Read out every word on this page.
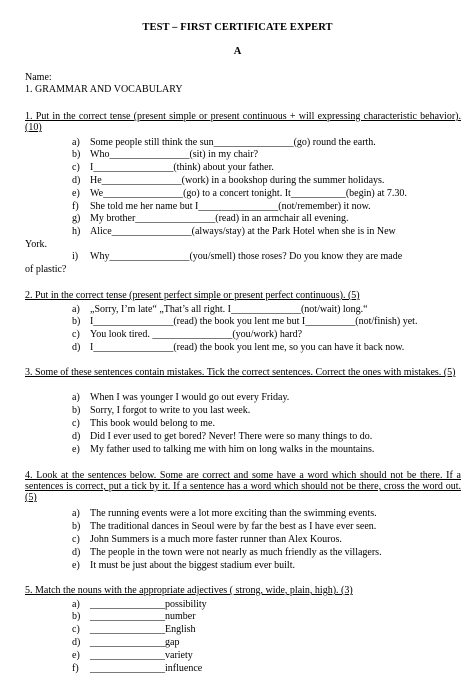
TEST – FIRST CERTIFICATE EXPERT
A
Name:
1. GRAMMAR AND VOCABULARY
1. Put in the correct tense (present simple or present continuous + will expressing characteristic behavior). (10)
a) Some people still think the sun________________(go) round the earth.
b) Who________________(sit) in my chair?
c) I________________(think) about your father.
d) He________________(work) in a bookshop during the summer holidays.
e) We________________(go) to a concert tonight. It___________(begin) at 7.30.
f) She told me her name but I________________(not/remember) it now.
g) My brother________________(read) in an armchair all evening.
h) Alice________________(always/stay) at the Park Hotel when she is in New
York.
i) Why________________(you/smell) those roses? Do you know they are made
of plastic?
2. Put in the correct tense (present perfect simple or present perfect continuous). (5)
a) „Sorry, I’m late“ „That’s all right. I______________(not/wait) long.“
b) I________________(read) the book you lent me but I__________(not/finish) yet.
c) You look tired. ________________(you/work) hard?
d) I________________(read) the book you lent me, so you can have it back now.
3. Some of these sentences contain mistakes. Tick the correct sentences. Correct the ones with mistakes. (5)
a) When I was younger I would go out every Friday.
b) Sorry, I forgot to write to you last week.
c) This book would belong to me.
d) Did I ever used to get bored? Never! There were so many things to do.
e) My father used to talking me with him on long walks in the mountains.
4. Look at the sentences below. Some are correct and some have a word which should not be there. If a sentences is correct, put a tick by it. If a sentence has a word which should not be there, cross the word out. (5)
a) The running events were a lot more exciting than the swimming events.
b) The traditional dances in Seoul were by far the best as I have ever seen.
c) John Summers is a much more faster runner than Alex Kouros.
d) The people in the town were not nearly as much friendly as the villagers.
e) It must be just about the biggest stadium ever built.
5. Match the nouns with the appropriate adjectives ( strong, wide, plain, high). (3)
a) _______________possibility
b) _______________number
c) _______________English
d) _______________gap
e) _______________variety
f) _______________influence
